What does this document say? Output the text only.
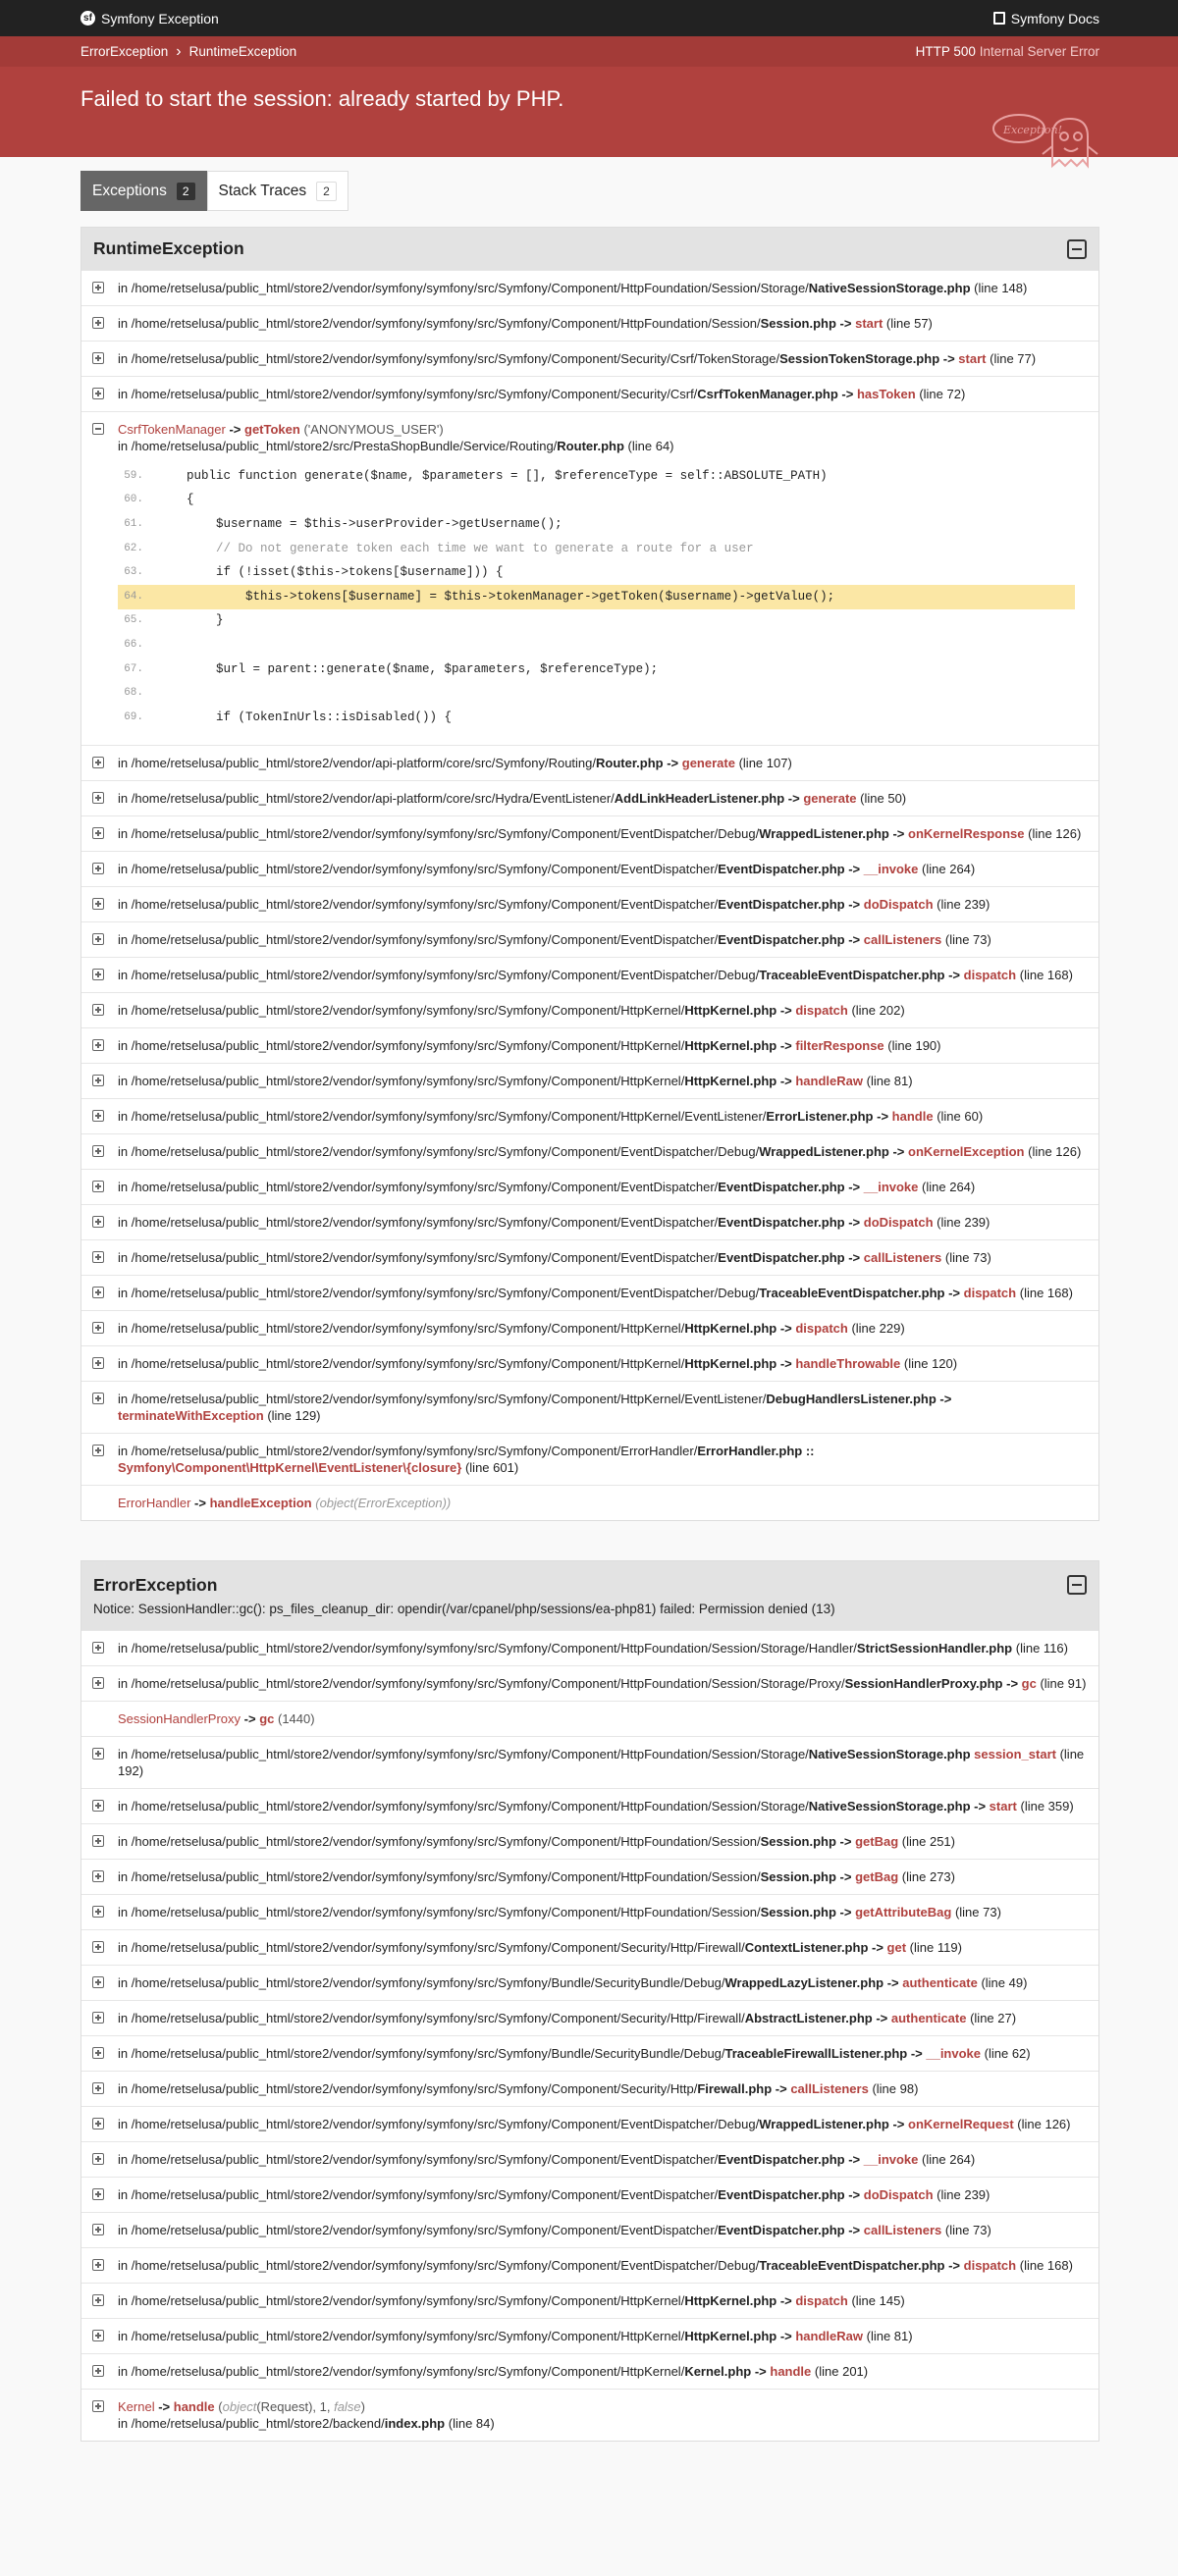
sf Symfony Exception	Symfony Docs
ErrorException › RuntimeException	HTTP 500 Internal Server Error
Failed to start the session: already started by PHP.
Exception!
Exceptions	2	Stack Traces	2
RuntimeException
in /home/retselusa/public_html/store2/vendor/symfony/symfony/src/Symfony/Component/HttpFoundation/Session/Storage/NativeSessionStorage.php (line 148)
in /home/retselusa/public_html/store2/vendor/symfony/symfony/src/Symfony/Component/HttpFoundation/Session/Session.php -> start (line 57)
in /home/retselusa/public_html/store2/vendor/symfony/symfony/src/Symfony/Component/Security/Csrf/TokenStorage/SessionTokenStorage.php -> start (line 77)
in /home/retselusa/public_html/store2/vendor/symfony/symfony/src/Symfony/Component/Security/Csrf/CsrfTokenManager.php -> hasToken (line 72)
CsrfTokenManager -> getToken ('ANONYMOUS_USER')
in /home/retselusa/public_html/store2/src/PrestaShopBundle/Service/Routing/Router.php (line 64)
59.	public function generate($name, $parameters = [], $referenceType = self::ABSOLUTE_PATH)
60.	{
61.	$username = $this->userProvider->getUsername();
62.	// Do not generate token each time we want to generate a route for a user
63.	if (!isset($this->tokens[$username])) {
64.	$this->tokens[$username] = $this->tokenManager->getToken($username)->getValue();
65.	}
66.
67.	$url = parent::generate($name, $parameters, $referenceType);
68.
69.	if (TokenInUrls::isDisabled()) {
in /home/retselusa/public_html/store2/vendor/api-platform/core/src/Symfony/Routing/Router.php -> generate (line 107)
in /home/retselusa/public_html/store2/vendor/api-platform/core/src/Hydra/EventListener/AddLinkHeaderListener.php -> generate (line 50)
in /home/retselusa/public_html/store2/vendor/symfony/symfony/src/Symfony/Component/EventDispatcher/Debug/WrappedListener.php -> onKernelResponse (line 126)
in /home/retselusa/public_html/store2/vendor/symfony/symfony/src/Symfony/Component/EventDispatcher/EventDispatcher.php -> __invoke (line 264)
in /home/retselusa/public_html/store2/vendor/symfony/symfony/src/Symfony/Component/EventDispatcher/EventDispatcher.php -> doDispatch (line 239)
in /home/retselusa/public_html/store2/vendor/symfony/symfony/src/Symfony/Component/EventDispatcher/EventDispatcher.php -> callListeners (line 73)
in /home/retselusa/public_html/store2/vendor/symfony/symfony/src/Symfony/Component/EventDispatcher/Debug/TraceableEventDispatcher.php -> dispatch (line 168)
in /home/retselusa/public_html/store2/vendor/symfony/symfony/src/Symfony/Component/HttpKernel/HttpKernel.php -> dispatch (line 202)
in /home/retselusa/public_html/store2/vendor/symfony/symfony/src/Symfony/Component/HttpKernel/HttpKernel.php -> filterResponse (line 190)
in /home/retselusa/public_html/store2/vendor/symfony/symfony/src/Symfony/Component/HttpKernel/HttpKernel.php -> handleRaw (line 81)
in /home/retselusa/public_html/store2/vendor/symfony/symfony/src/Symfony/Component/HttpKernel/EventListener/ErrorListener.php -> handle (line 60)
in /home/retselusa/public_html/store2/vendor/symfony/symfony/src/Symfony/Component/EventDispatcher/Debug/WrappedListener.php -> onKernelException (line 126)
in /home/retselusa/public_html/store2/vendor/symfony/symfony/src/Symfony/Component/EventDispatcher/EventDispatcher.php -> __invoke (line 264)
in /home/retselusa/public_html/store2/vendor/symfony/symfony/src/Symfony/Component/EventDispatcher/EventDispatcher.php -> doDispatch (line 239)
in /home/retselusa/public_html/store2/vendor/symfony/symfony/src/Symfony/Component/EventDispatcher/EventDispatcher.php -> callListeners (line 73)
in /home/retselusa/public_html/store2/vendor/symfony/symfony/src/Symfony/Component/EventDispatcher/Debug/TraceableEventDispatcher.php -> dispatch (line 168)
in /home/retselusa/public_html/store2/vendor/symfony/symfony/src/Symfony/Component/HttpKernel/HttpKernel.php -> dispatch (line 229)
in /home/retselusa/public_html/store2/vendor/symfony/symfony/src/Symfony/Component/HttpKernel/HttpKernel.php -> handleThrowable (line 120)
in /home/retselusa/public_html/store2/vendor/symfony/symfony/src/Symfony/Component/HttpKernel/EventListener/DebugHandlersListener.php -> terminateWithException (line 129)
in /home/retselusa/public_html/store2/vendor/symfony/symfony/src/Symfony/Component/ErrorHandler/ErrorHandler.php :: Symfony\Component\HttpKernel\EventListener\{closure} (line 601)
ErrorHandler -> handleException (object(ErrorException))
ErrorException
Notice: SessionHandler::gc(): ps_files_cleanup_dir: opendir(/var/cpanel/php/sessions/ea-php81) failed: Permission denied (13)
in /home/retselusa/public_html/store2/vendor/symfony/symfony/src/Symfony/Component/HttpFoundation/Session/Storage/Handler/StrictSessionHandler.php (line 116)
in /home/retselusa/public_html/store2/vendor/symfony/symfony/src/Symfony/Component/HttpFoundation/Session/Storage/Proxy/SessionHandlerProxy.php -> gc (line 91)
SessionHandlerProxy -> gc (1440)
in /home/retselusa/public_html/store2/vendor/symfony/symfony/src/Symfony/Component/HttpFoundation/Session/Storage/NativeSessionStorage.php session_start (line 192)
in /home/retselusa/public_html/store2/vendor/symfony/symfony/src/Symfony/Component/HttpFoundation/Session/Storage/NativeSessionStorage.php -> start (line 359)
in /home/retselusa/public_html/store2/vendor/symfony/symfony/src/Symfony/Component/HttpFoundation/Session/Session.php -> getBag (line 251)
in /home/retselusa/public_html/store2/vendor/symfony/symfony/src/Symfony/Component/HttpFoundation/Session/Session.php -> getBag (line 273)
in /home/retselusa/public_html/store2/vendor/symfony/symfony/src/Symfony/Component/HttpFoundation/Session/Session.php -> getAttributeBag (line 73)
in /home/retselusa/public_html/store2/vendor/symfony/symfony/src/Symfony/Component/Security/Http/Firewall/ContextListener.php -> get (line 119)
in /home/retselusa/public_html/store2/vendor/symfony/symfony/src/Symfony/Bundle/SecurityBundle/Debug/WrappedLazyListener.php -> authenticate (line 49)
in /home/retselusa/public_html/store2/vendor/symfony/symfony/src/Symfony/Component/Security/Http/Firewall/AbstractListener.php -> authenticate (line 27)
in /home/retselusa/public_html/store2/vendor/symfony/symfony/src/Symfony/Bundle/SecurityBundle/Debug/TraceableFirewallListener.php -> __invoke (line 62)
in /home/retselusa/public_html/store2/vendor/symfony/symfony/src/Symfony/Component/Security/Http/Firewall.php -> callListeners (line 98)
in /home/retselusa/public_html/store2/vendor/symfony/symfony/src/Symfony/Component/EventDispatcher/Debug/WrappedListener.php -> onKernelRequest (line 126)
in /home/retselusa/public_html/store2/vendor/symfony/symfony/src/Symfony/Component/EventDispatcher/EventDispatcher.php -> __invoke (line 264)
in /home/retselusa/public_html/store2/vendor/symfony/symfony/src/Symfony/Component/EventDispatcher/EventDispatcher.php -> doDispatch (line 239)
in /home/retselusa/public_html/store2/vendor/symfony/symfony/src/Symfony/Component/EventDispatcher/EventDispatcher.php -> callListeners (line 73)
in /home/retselusa/public_html/store2/vendor/symfony/symfony/src/Symfony/Component/EventDispatcher/Debug/TraceableEventDispatcher.php -> dispatch (line 168)
in /home/retselusa/public_html/store2/vendor/symfony/symfony/src/Symfony/Component/HttpKernel/HttpKernel.php -> dispatch (line 145)
in /home/retselusa/public_html/store2/vendor/symfony/symfony/src/Symfony/Component/HttpKernel/HttpKernel.php -> handleRaw (line 81)
in /home/retselusa/public_html/store2/vendor/symfony/symfony/src/Symfony/Component/HttpKernel/Kernel.php -> handle (line 201)
Kernel -> handle (object(Request), 1, false)
in /home/retselusa/public_html/store2/backend/index.php (line 84)
